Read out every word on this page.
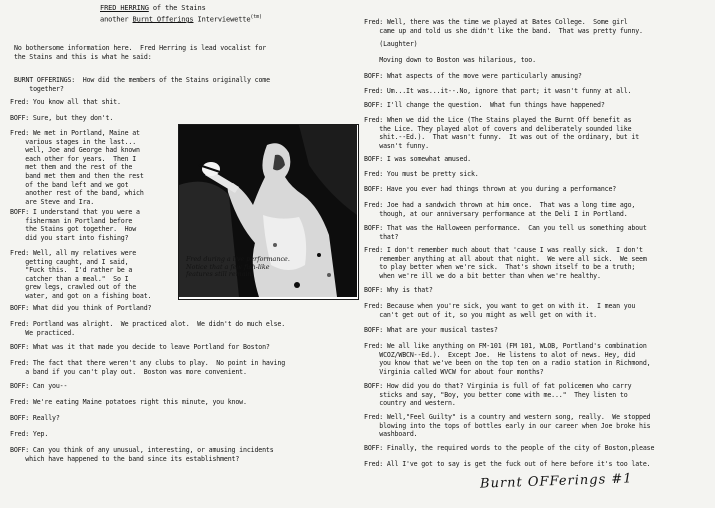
FRED HERRING of the Stains
another Burnt Offerings Interviewette$^{(tm)}$

No bothersome information here.  Fred Herring is lead vocalist for
the Stains and this is what he said:

BURNT OFFERINGS:  How did the members of the Stains originally come
together?

Fred: You know all that shit.

BOFF: Sure, but they don't.

Fred: We met in Portland, Maine at
various stages in the last...
well, Joe and George had known
each other for years.  Then I
met them and the rest of the
band met them and then the rest
of the band left and we got
another rest of the band, which
are Steve and Ira.

BOFF: I understand that you were a
fisherman in Portland before
the Stains got together.  How
did you start into fishing?

Fred: Well, all my relatives were
getting caught, and I said,
"Fuck this.  I'd rather be a
catcher than a meal."  So I
grew legs, crawled out of the
water, and got on a fishing boat.

BOFF: What did you think of Portland?

Fred: Portland was alright.  We practiced alot.  We didn't do much else.
We practiced.

BOFF: What was it that made you decide to leave Portland for Boston?

Fred: The fact that there weren't any clubs to play.  No point in having
a band if you can't play out.  Boston was more convenient.

BOFF: Can you--

Fred: We're eating Maine potatoes right this minute, you know.

BOFF: Really?

Fred: Yep.

BOFF: Can you think of any unusual, interesting, or amusing incidents
which have happened to the band since its establishment?

Fred during a live performance.
Notice that a few fish-like
features still remain.

Fred: Well, there was the time we played at Bates College.  Some girl
came up and told us she didn't like the band.  That was pretty funny.

(Laughter)

Moving down to Boston was hilarious, too.

BOFF: What aspects of the move were particularly amusing?

Fred: Um...It was...it--.No, ignore that part; it wasn't funny at all.

BOFF: I'll change the question.  What fun things have happened?

Fred: When we did the Lice (The Stains played the Burnt Off benefit as
the Lice. They played alot of covers and deliberately sounded like
shit.--Ed.).  That wasn't funny.  It was out of the ordinary, but it
wasn't funny.

BOFF: I was somewhat amused.

Fred: You must be pretty sick.

BOFF: Have you ever had things thrown at you during a performance?

Fred: Joe had a sandwich thrown at him once.  That was a long time ago,
though, at our anniversary performance at the Deli I in Portland.

BOFF: That was the Halloween performance.  Can you tell us something about
that?

Fred: I don't remember much about that 'cause I was really sick.  I don't
remember anything at all about that night.  We were all sick.  We seem
to play better when we're sick.  That's shown itself to be a truth;
when we're ill we do a bit better than when we're healthy.

BOFF: Why is that?

Fred: Because when you're sick, you want to get on with it.  I mean you
can't get out of it, so you might as well get on with it.

BOFF: What are your musical tastes?

Fred: We all like anything on FM-101 (FM 101, WLOB, Portland's combination
WCOZ/WBCN--Ed.).  Except Joe.  He listens to alot of news. Hey, did
you know that we've been on the top ten on a radio station in Richmond,
Virginia called WVCW for about four months?

BOFF: How did you do that? Virginia is full of fat policemen who carry
sticks and say, "Boy, you better come with me..."  They listen to
country and western.

Fred: Well,"Feel Guilty" is a country and western song, really.  We stopped
blowing into the tops of bottles early in our career when Joe broke his
washboard.

BOFF: Finally, the required words to the people of the city of Boston,please

Fred: All I've got to say is get the fuck out of here before it's too late.

Burnt OFFerings #1
